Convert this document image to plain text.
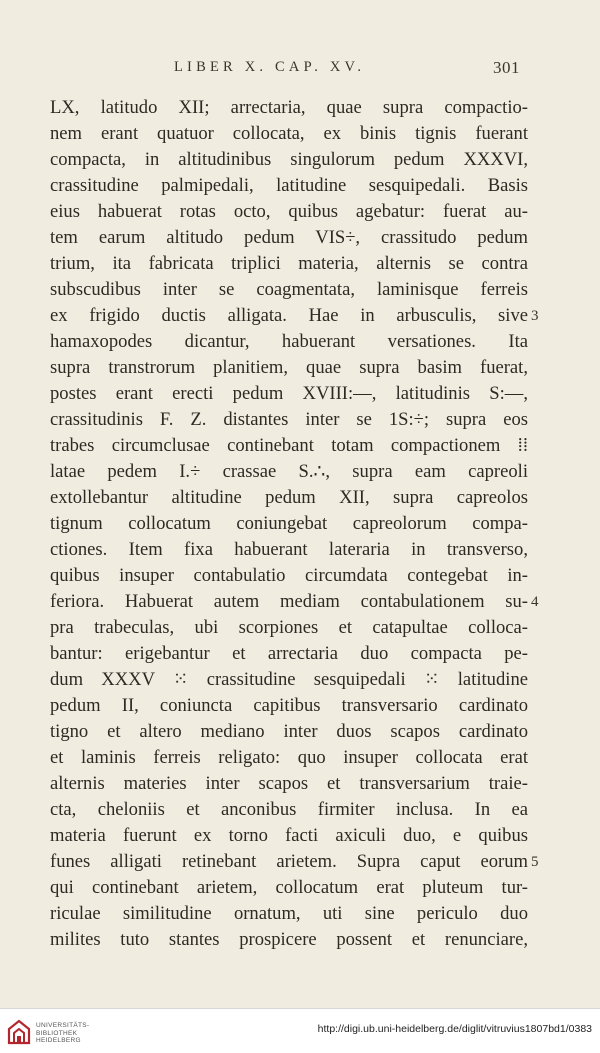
LIBER X. CAP. XV.	301
LX, latitudo XII; arrectaria, quae supra compactio-
nem erant quatuor collocata, ex binis tignis fuerant
compacta, in altitudinibus singulorum pedum XXXVI,
crassitudine palmipedali, latitudine sesquipedali. Basis
eius habuerat rotas octo, quibus agebatur: fuerat au-
tem earum altitudo pedum VIS÷, crassitudo pedum
trium, ita fabricata triplici materia, alternis se contra
subscudibus inter se coagmentata, laminisque ferreis
ex frigido ductis alligata. Hae in arbusculis, sive
hamaxopodes dicantur, habuerant versationes. Ita
supra transtrorum planitiem, quae supra basim fuerat,
postes erant erecti pedum XVIII:—, latitudinis S:—,
crassitudinis F. Z. distantes inter se 1S:÷; supra eos
trabes circumclusae continebant totam compactionem ⁞⁞
latae pedem I.÷ crassae S.∴, supra eam capreoli
extollebantur altitudine pedum XII, supra capreolos
tignum collocatum coniungebat capreolorum compa-
ctiones. Item fixa habuerant lateraria in transverso,
quibus insuper contabulatio circumdata contegebat in-
feriora. Habuerat autem mediam contabulationem su-
pra trabeculas, ubi scorpiones et catapultae colloca-
bantur: erigebantur et arrectaria duo compacta pe-
dum XXXV ⁙ crassitudine sesquipedali ⁙ latitudine
pedum II, coniuncta capitibus transversario cardinato
tigno et altero mediano inter duos scapos cardinato
et laminis ferreis religato: quo insuper collocata erat
alternis materies inter scapos et transversarium traie-
cta, cheloniis et anconibus firmiter inclusa. In ea
materia fuerunt ex torno facti axiculi duo, e quibus
funes alligati retinebant arietem. Supra caput eorum
qui continebant arietem, collocatum erat pluteum tur-
riculae similitudine ornatum, uti sine periculo duo
milites tuto stantes prospicere possent et renunciare,
3
4
5
UNIVERSITÄTS-
BIBLIOTHEK
HEIDELBERG
http://digi.ub.uni-heidelberg.de/diglit/vitruvius1807bd1/0383
